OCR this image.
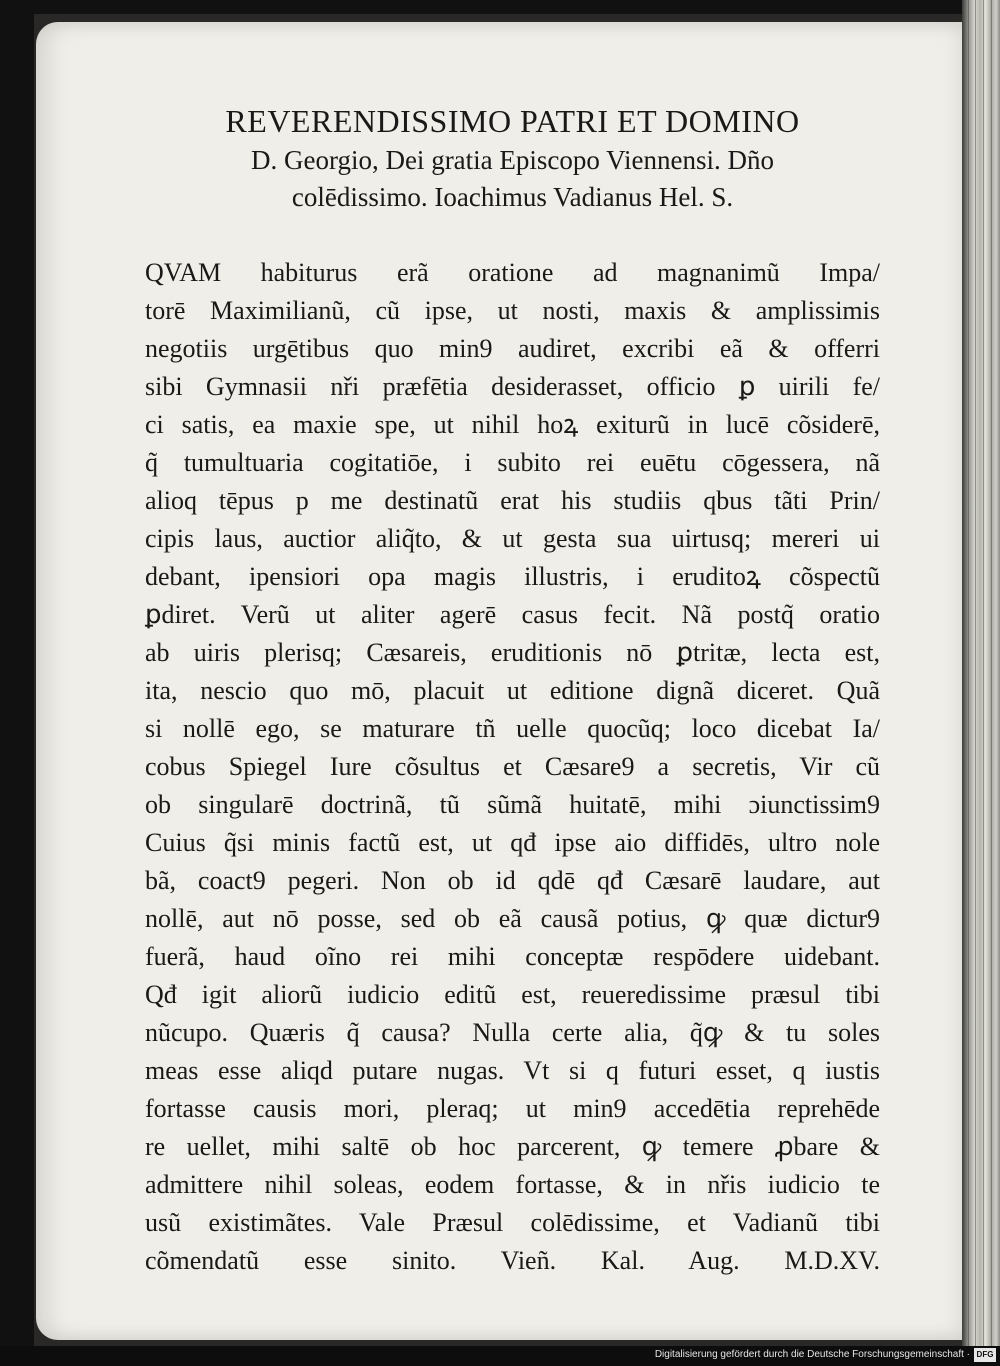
REVERENDISSIMO PATRI ET DOMINO
D. Georgio, Dei gratia Episcopo Viennensi. Dño
colēdissimo. Ioachimus Vadianus Hel. S.
QVAM habiturus erã oratione ad magnanimũ Impa/
torē Maximilianũ, cũ ipse, ut nosti, maxis & amplissimis
negotiis urgētibus quo min9 audiret, excribi eã & offerri
sibi Gymnasii nři præfētia desiderasset, officio ꝑ uirili fe/
ci satis, ea maxie spe, ut nihil hoꝝ exiturũ in lucē cõsiderē,
q̃ tumultuaria cogitatiōe, i subito rei euētu cōgessera, nã
alioq tēpus p me destinatũ erat his studiis qbus tãti Prin/
cipis laus, auctior aliq̃to, & ut gesta sua uirtusq; mereri ui
debant, ipensiori opa magis illustris, i eruditoꝝ cõspectũ
ꝑdiret. Verũ ut aliter agerē casus fecit. Nã postq̃ oratio
ab uiris plerisq; Cæsareis, eruditionis nō ꝑtritæ, lecta est,
ita, nescio quo mō, placuit ut editione dignã diceret. Quã
si nollē ego, se maturare tñ uelle quocũq; loco dicebat Ia/
cobus Spiegel Iure cõsultus et Cæsare9 a secretis, Vir cũ
ob singularē doctrinã, tũ sũmã huitatē, mihi ɔiunctissim9
Cuius q̃si minis factũ est, ut qđ ipse aio diffidēs, ultro nole
bã, coact9 pegeri. Non ob id qdē qđ Cæsarē laudare, aut
nollē, aut nō posse, sed ob eã causã potius, ꝙ quæ dictur9
fuerã, haud oĩno rei mihi conceptæ respōdere uidebant.
Qđ igit aliorũ iudicio editũ est, reueredissime præsul tibi
nũcupo. Quæris q̃ causa? Nulla certe alia, q̃ꝙ & tu soles
meas esse aliqd putare nugas. Vt si q futuri esset, q iustis
fortasse causis mori, pleraq; ut min9 accedētia reprehēde
re uellet, mihi saltē ob hoc parcerent, ꝙ temere ꝓbare &
admittere nihil soleas, eodem fortasse, & in nřis iudicio te
usũ existimãtes. Vale Præsul colēdissime, et Vadianũ tibi
cõmendatũ esse sinito. Vieñ. Kal. Aug. M.D.XV.
Digitalisierung gefördert durch die Deutsche Forschungsgemeinschaft · DFG
